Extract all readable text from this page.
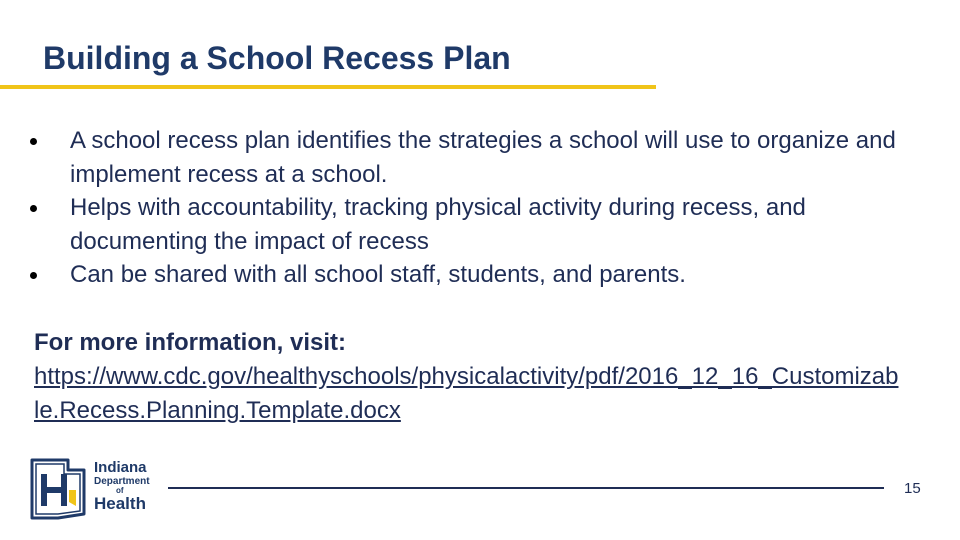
Building a School Recess Plan
A school recess plan identifies the strategies a school will use to organize and implement recess at a school.
Helps with accountability, tracking physical activity during recess, and documenting the impact of recess
Can be shared with all school staff, students, and parents.
For more information, visit:
https://www.cdc.gov/healthyschools/physicalactivity/pdf/2016_12_16_Customizable.Recess.Planning.Template.docx
Indiana
Department
of
Health
15
